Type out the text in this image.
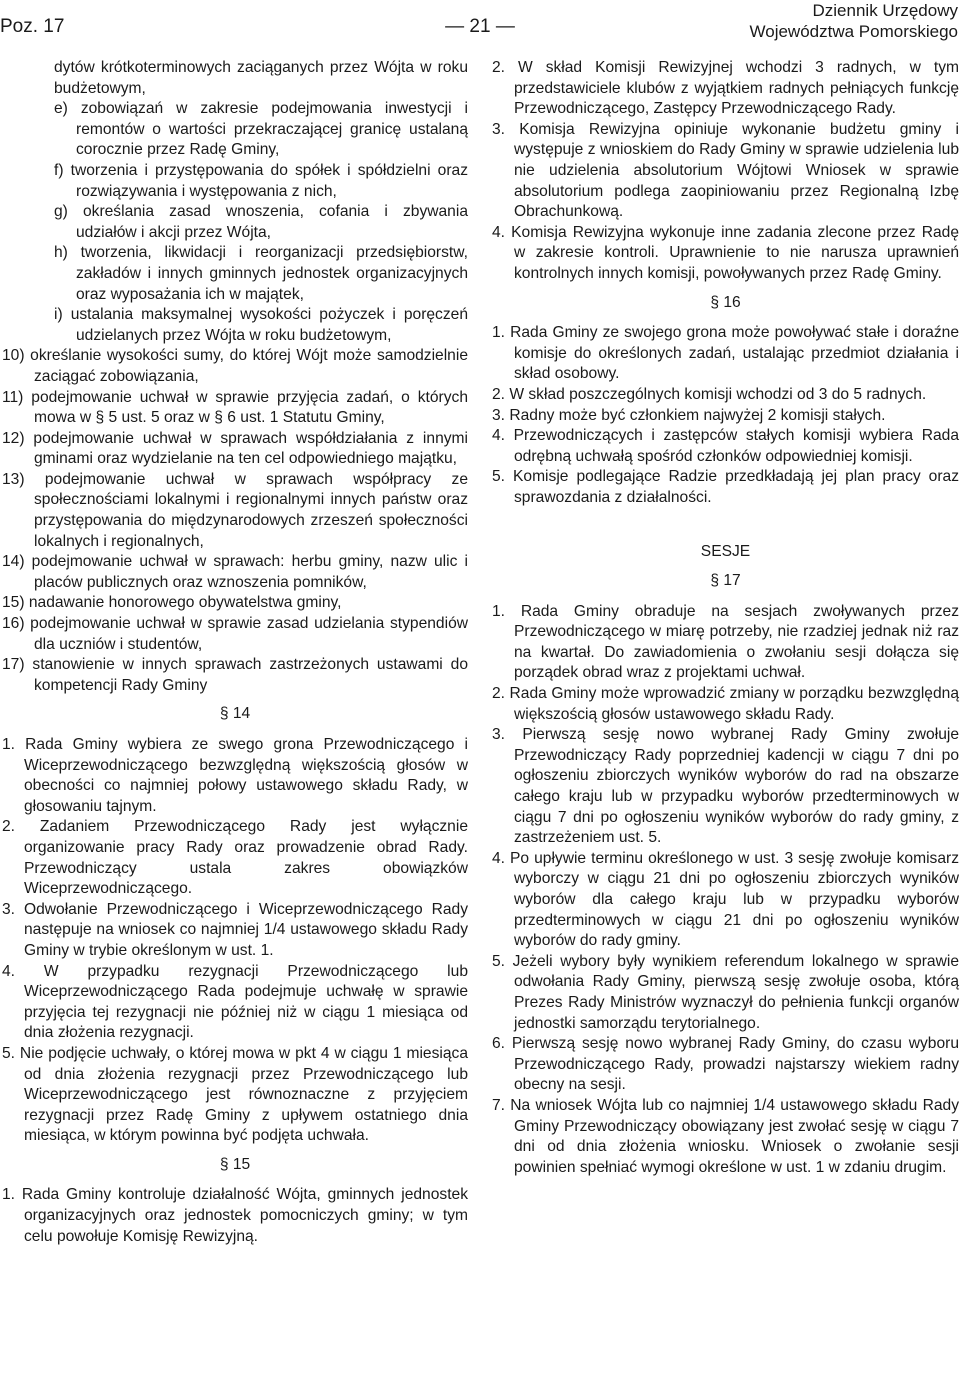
Poz. 17	— 21 —
Dziennik Urzędowy
Województwa Pomorskiego

dytów krótkoterminowych zaciąganych przez Wójta w roku budżetowym,

e) zobowiązań w zakresie podejmowania inwestycji i remontów o wartości przekraczającej granicę ustalaną corocznie przez Radę Gminy,

f) tworzenia i przystępowania do spółek i spółdzielni oraz rozwiązywania i występowania z nich,

g) określania zasad wnoszenia, cofania i zbywania udziałów i akcji przez Wójta,

h) tworzenia, likwidacji i reorganizacji przedsiębiorstw, zakładów i innych gminnych jednostek organizacyjnych oraz wyposażania ich w majątek,

i) ustalania maksymalnej wysokości pożyczek i poręczeń udzielanych przez Wójta w roku budżetowym,

10) określanie wysokości sumy, do której Wójt może samodzielnie zaciągać zobowiązania,

11) podejmowanie uchwał w sprawie przyjęcia zadań, o których mowa w § 5 ust. 5 oraz w § 6 ust. 1 Statutu Gminy,

12) podejmowanie uchwał w sprawach współdziałania z innymi gminami oraz wydzielanie na ten cel odpowiedniego majątku,

13) podejmowanie uchwał w sprawach współpracy ze społecznościami lokalnymi i regionalnymi innych państw oraz przystępowania do międzynarodowych zrzeszeń społeczności lokalnych i regionalnych,

14) podejmowanie uchwał w sprawach: herbu gminy, nazw ulic i placów publicznych oraz wznoszenia pomników,

15) nadawanie honorowego obywatelstwa gminy,

16) podejmowanie uchwał w sprawie zasad udzielania stypendiów dla uczniów i studentów,

17) stanowienie w innych sprawach zastrzeżonych ustawami do kompetencji Rady Gminy

§ 14

1. Rada Gminy wybiera ze swego grona Przewodniczącego i Wiceprzewodniczącego bezwzględną większością głosów w obecności co najmniej połowy ustawowego składu Rady, w głosowaniu tajnym.

2. Zadaniem Przewodniczącego Rady jest wyłącznie organizowanie pracy Rady oraz prowadzenie obrad Rady. Przewodniczący ustala zakres obowiązków Wiceprzewodniczącego.

3. Odwołanie Przewodniczącego i Wiceprzewodniczącego Rady następuje na wniosek co najmniej 1/4 ustawowego składu Rady Gminy w trybie określonym w ust. 1.

4. W przypadku rezygnacji Przewodniczącego lub Wiceprzewodniczącego Rada podejmuje uchwałę w sprawie przyjęcia tej rezygnacji nie później niż w ciągu 1 miesiąca od dnia złożenia rezygnacji.

5. Nie podjęcie uchwały, o której mowa w pkt 4 w ciągu 1 miesiąca od dnia złożenia rezygnacji przez Przewodniczącego lub Wiceprzewodniczącego jest równoznaczne z przyjęciem rezygnacji przez Radę Gminy z upływem ostatniego dnia miesiąca, w którym powinna być podjęta uchwała.

§ 15

1. Rada Gminy kontroluje działalność Wójta, gminnych jednostek organizacyjnych oraz jednostek pomocniczych gminy; w tym celu powołuje Komisję Rewizyjną.

2. W skład Komisji Rewizyjnej wchodzi 3 radnych, w tym przedstawiciele klubów z wyjątkiem radnych pełniących funkcję Przewodniczącego, Zastępcy Przewodniczącego Rady.

3. Komisja Rewizyjna opiniuje wykonanie budżetu gminy i występuje z wnioskiem do Rady Gminy w sprawie udzielenia lub nie udzielenia absolutorium Wójtowi Wniosek w sprawie absolutorium podlega zaopiniowaniu przez Regionalną Izbę Obrachunkową.

4. Komisja Rewizyjna wykonuje inne zadania zlecone przez Radę w zakresie kontroli. Uprawnienie to nie narusza uprawnień kontrolnych innych komisji, powoływanych przez Radę Gminy.

§ 16

1. Rada Gminy ze swojego grona może powoływać stałe i doraźne komisje do określonych zadań, ustalając przedmiot działania i skład osobowy.

2. W skład poszczególnych komisji wchodzi od 3 do 5 radnych.

3. Radny może być członkiem najwyżej 2 komisji stałych.

4. Przewodniczących i zastępców stałych komisji wybiera Rada odrębną uchwałą spośród członków odpowiedniej komisji.

5. Komisje podlegające Radzie przedkładają jej plan pracy oraz sprawozdania z działalności.

SESJE

§ 17

1. Rada Gminy obraduje na sesjach zwoływanych przez Przewodniczącego w miarę potrzeby, nie rzadziej jednak niż raz na kwartał. Do zawiadomienia o zwołaniu sesji dołącza się porządek obrad wraz z projektami uchwał.

2. Rada Gminy może wprowadzić zmiany w porządku bezwzględną większością głosów ustawowego składu Rady.

3. Pierwszą sesję nowo wybranej Rady Gminy zwołuje Przewodniczący Rady poprzedniej kadencji w ciągu 7 dni po ogłoszeniu zbiorczych wyników wyborów do rad na obszarze całego kraju lub w przypadku wyborów przedterminowych w ciągu 7 dni po ogłoszeniu wyników wyborów do rady gminy, z zastrzeżeniem ust. 5.

4. Po upływie terminu określonego w ust. 3 sesję zwołuje komisarz wyborczy w ciągu 21 dni po ogłoszeniu zbiorczych wyników wyborów dla całego kraju lub w przypadku wyborów przedterminowych w ciągu 21 dni po ogłoszeniu wyników wyborów do rady gminy.

5. Jeżeli wybory były wynikiem referendum lokalnego w sprawie odwołania Rady Gminy, pierwszą sesję zwołuje osoba, którą Prezes Rady Ministrów wyznaczył do pełnienia funkcji organów jednostki samorządu terytorialnego.

6. Pierwszą sesję nowo wybranej Rady Gminy, do czasu wyboru Przewodniczącego Rady, prowadzi najstarszy wiekiem radny obecny na sesji.

7. Na wniosek Wójta lub co najmniej 1/4 ustawowego składu Rady Gminy Przewodniczący obowiązany jest zwołać sesję w ciągu 7 dni od dnia złożenia wniosku. Wniosek o zwołanie sesji powinien spełniać wymogi określone w ust. 1 w zdaniu drugim.
